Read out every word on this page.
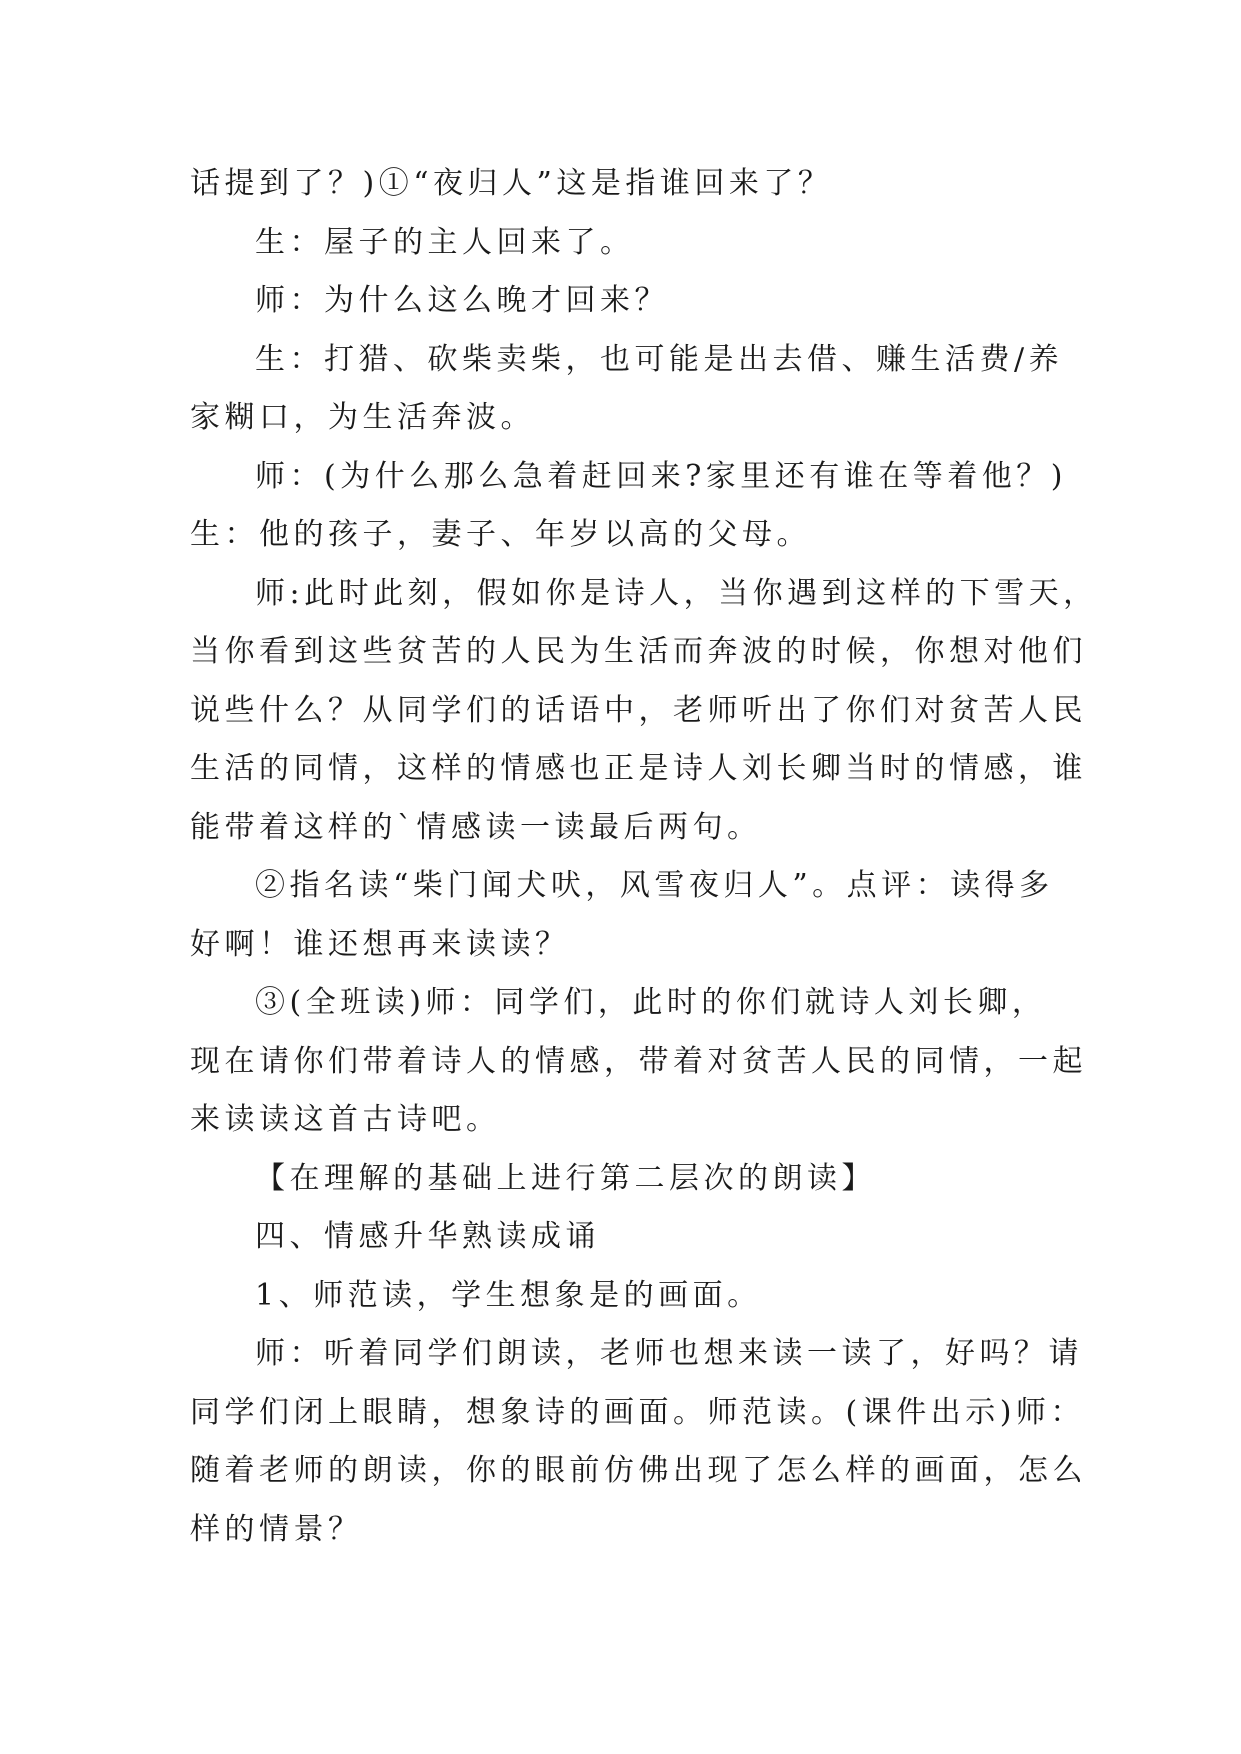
话提到了？)①“夜归人”这是指谁回来了？
生：屋子的主人回来了。
师：为什么这么晚才回来？
生：打猎、砍柴卖柴，也可能是出去借、赚生活费/养
家糊口，为生活奔波。
师：(为什么那么急着赶回来?家里还有谁在等着他？)
生：他的孩子，妻子、年岁以高的父母。
师:此时此刻，假如你是诗人，当你遇到这样的下雪天，
当你看到这些贫苦的人民为生活而奔波的时候，你想对他们
说些什么？从同学们的话语中，老师听出了你们对贫苦人民
生活的同情，这样的情感也正是诗人刘长卿当时的情感，谁
能带着这样的`情感读一读最后两句。
②指名读“柴门闻犬吠，风雪夜归人”。点评：读得多
好啊！谁还想再来读读？
③(全班读)师：同学们，此时的你们就诗人刘长卿，
现在请你们带着诗人的情感，带着对贫苦人民的同情，一起
来读读这首古诗吧。
【在理解的基础上进行第二层次的朗读】
四、情感升华熟读成诵
1、师范读，学生想象是的画面。
师：听着同学们朗读，老师也想来读一读了，好吗？请
同学们闭上眼睛，想象诗的画面。师范读。(课件出示)师：
随着老师的朗读，你的眼前仿佛出现了怎么样的画面，怎么
样的情景？
